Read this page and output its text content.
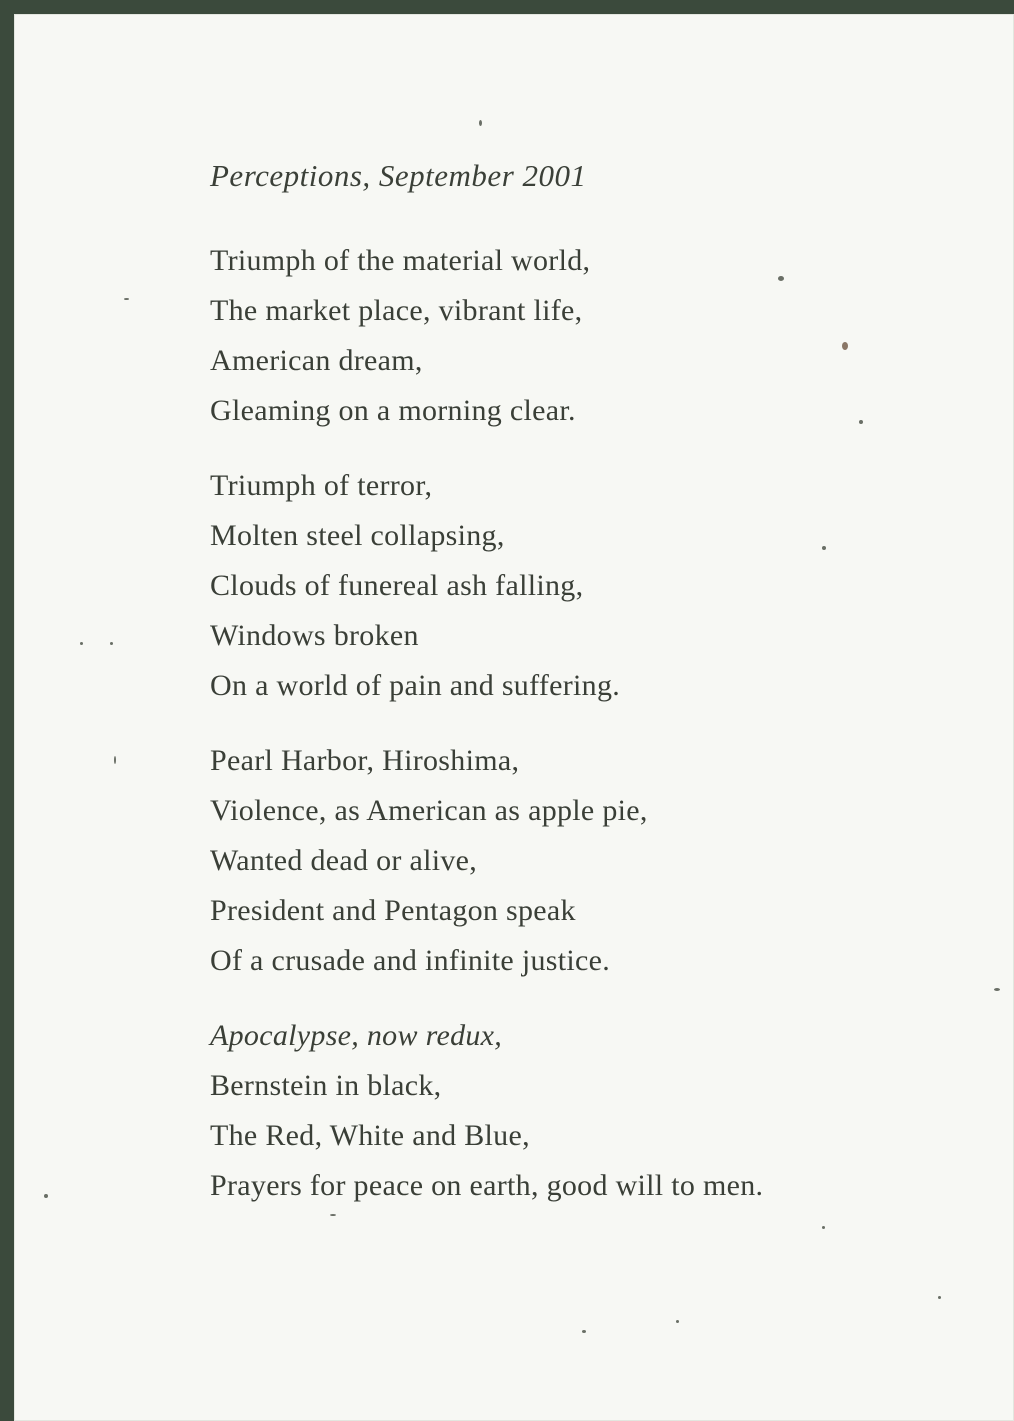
Perceptions, September 2001
Triumph of the material world,
The market place, vibrant life,
American dream,
Gleaming on a morning clear.
Triumph of terror,
Molten steel collapsing,
Clouds of funereal ash falling,
Windows broken
On a world of pain and suffering.
Pearl Harbor, Hiroshima,
Violence, as American as apple pie,
Wanted dead or alive,
President and Pentagon speak
Of a crusade and infinite justice.
Apocalypse, now redux,
Bernstein in black,
The Red, White and Blue,
Prayers for peace on earth, good will to men.
